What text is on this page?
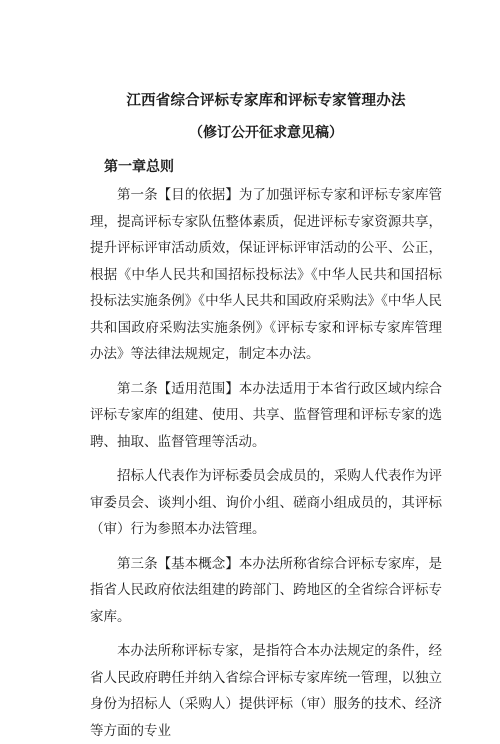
江西省综合评标专家库和评标专家管理办法

（修订公开征求意见稿）

第一章总则

第一条【目的依据】为了加强评标专家和评标专家库管理，提高评标专家队伍整体素质，促进评标专家资源共享，提升评标评审活动质效，保证评标评审活动的公平、公正，根据《中华人民共和国招标投标法》《中华人民共和国招标投标法实施条例》《中华人民共和国政府采购法》《中华人民共和国政府采购法实施条例》《评标专家和评标专家库管理办法》等法律法规规定，制定本办法。

第二条【适用范围】本办法适用于本省行政区域内综合评标专家库的组建、使用、共享、监督管理和评标专家的选聘、抽取、监督管理等活动。

招标人代表作为评标委员会成员的，采购人代表作为评审委员会、谈判小组、询价小组、磋商小组成员的，其评标（审）行为参照本办法管理。

第三条【基本概念】本办法所称省综合评标专家库，是指省人民政府依法组建的跨部门、跨地区的全省综合评标专家库。

本办法所称评标专家，是指符合本办法规定的条件，经省人民政府聘任并纳入省综合评标专家库统一管理，以独立身份为招标人（采购人）提供评标（审）服务的技术、经济等方面的专业
